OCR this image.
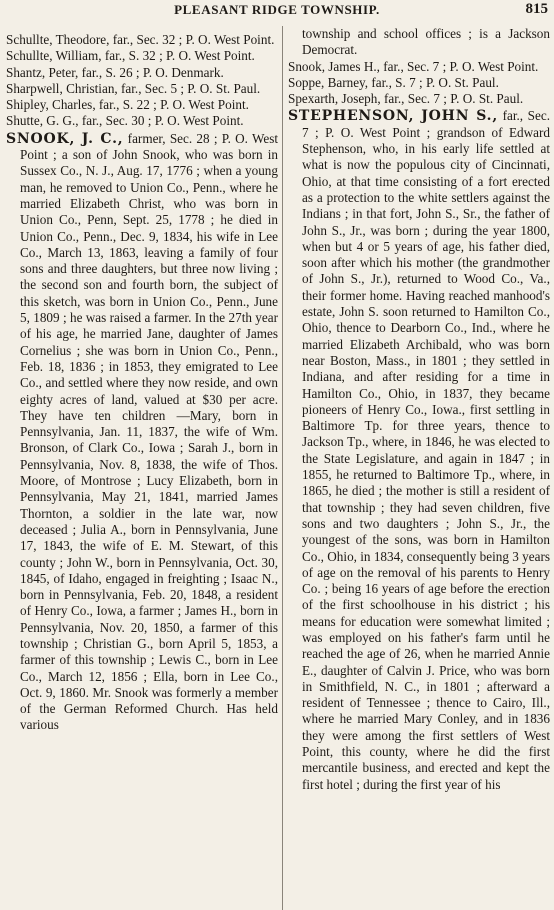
PLEASANT RIDGE TOWNSHIP.	815
Schullte, Theodore, far., Sec. 32 ; P. O. West Point.
Schullte, William, far., S. 32 ; P. O. West Point.
Shantz, Peter, far., S. 26 ; P. O. Denmark.
Sharpwell, Christian, far., Sec. 5 ; P. O. St. Paul.
Shipley, Charles, far., S. 22 ; P. O. West Point.
Shutte, G. G., far., Sec. 30 ; P. O. West Point.
SNOOK, J. C., farmer, Sec. 28 ; P. O. West Point ; a son of John Snook, who was born in Sussex Co., N. J., Aug. 17, 1776 ; when a young man, he removed to Union Co., Penn., where he married Elizabeth Christ, who was born in Union Co., Penn, Sept. 25, 1778 ; he died in Union Co., Penn., Dec. 9, 1834, his wife in Lee Co., March 13, 1863, leaving a family of four sons and three daughters, but three now living ; the second son and fourth born, the subject of this sketch, was born in Union Co., Penn., June 5, 1809 ; he was raised a farmer. In the 27th year of his age, he married Jane, daughter of James Cornelius ; she was born in Union Co., Penn., Feb. 18, 1836 ; in 1853, they emigrated to Lee Co., and settled where they now reside, and own eighty acres of land, valued at $30 per acre. They have ten children —Mary, born in Pennsylvania, Jan. 11, 1837, the wife of Wm. Bronson, of Clark Co., Iowa ; Sarah J., born in Pennsylvania, Nov. 8, 1838, the wife of Thos. Moore, of Montrose ; Lucy Elizabeth, born in Pennsylvania, May 21, 1841, married James Thornton, a soldier in the late war, now deceased ; Julia A., born in Pennsylvania, June 17, 1843, the wife of E. M. Stewart, of this county ; John W., born in Pennsylvania, Oct. 30, 1845, of Idaho, engaged in freighting ; Isaac N., born in Pennsylvania, Feb. 20, 1848, a resident of Henry Co., Iowa, a farmer ; James H., born in Pennsylvania, Nov. 20, 1850, a farmer of this township ; Christian G., born April 5, 1853, a farmer of this township ; Lewis C., born in Lee Co., March 12, 1856 ; Ella, born in Lee Co., Oct. 9, 1860. Mr. Snook was formerly a member of the German Reformed Church. Has held various
township and school offices ; is a Jackson Democrat.
Snook, James H., far., Sec. 7 ; P. O. West Point.
Soppe, Barney, far., S. 7 ; P. O. St. Paul.
Spexarth, Joseph, far., Sec. 7 ; P. O. St. Paul.
STEPHENSON, JOHN S., far., Sec. 7 ; P. O. West Point ; grandson of Edward Stephenson, who, in his early life settled at what is now the populous city of Cincinnati, Ohio, at that time consisting of a fort erected as a protection to the white settlers against the Indians ; in that fort, John S., Sr., the father of John S., Jr., was born ; during the year 1800, when but 4 or 5 years of age, his father died, soon after which his mother (the grandmother of John S., Jr.), returned to Wood Co., Va., their former home. Having reached manhood's estate, John S. soon returned to Hamilton Co., Ohio, thence to Dearborn Co., Ind., where he married Elizabeth Archibald, who was born near Boston, Mass., in 1801 ; they settled in Indiana, and after residing for a time in Hamilton Co., Ohio, in 1837, they became pioneers of Henry Co., Iowa., first settling in Baltimore Tp. for three years, thence to Jackson Tp., where, in 1846, he was elected to the State Legislature, and again in 1847 ; in 1855, he returned to Baltimore Tp., where, in 1865, he died ; the mother is still a resident of that township ; they had seven children, five sons and two daughters ; John S., Jr., the youngest of the sons, was born in Hamilton Co., Ohio, in 1834, consequently being 3 years of age on the removal of his parents to Henry Co. ; being 16 years of age before the erection of the first schoolhouse in his district ; his means for education were somewhat limited ; was employed on his father's farm until he reached the age of 26, when he married Annie E., daughter of Calvin J. Price, who was born in Smithfield, N. C., in 1801 ; afterward a resident of Tennessee ; thence to Cairo, Ill., where he married Mary Conley, and in 1836 they were among the first settlers of West Point, this county, where he did the first mercantile business, and erected and kept the first hotel ; during the first year of his
